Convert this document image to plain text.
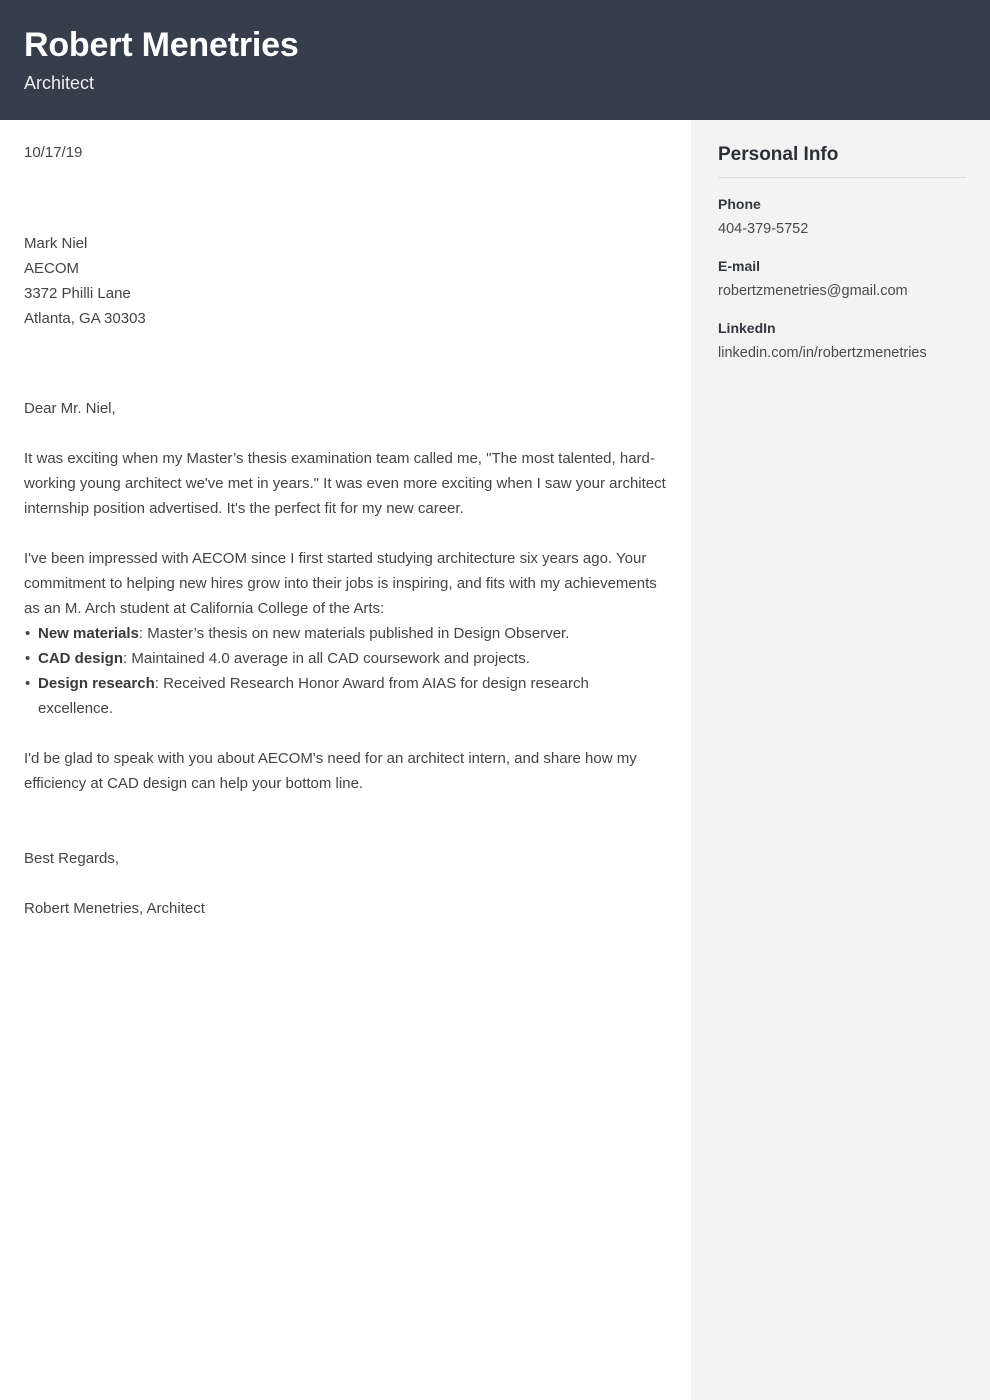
Robert Menetries
Architect
10/17/19
Mark Niel
AECOM
3372 Philli Lane
Atlanta, GA 30303
Dear Mr. Niel,

It was exciting when my Master’s thesis examination team called me, "The most talented, hard-working young architect we've met in years." It was even more exciting when I saw your architect internship position advertised. It's the perfect fit for my new career.

I've been impressed with AECOM since I first started studying architecture six years ago. Your commitment to helping new hires grow into their jobs is inspiring, and fits with my achievements as an M. Arch student at California College of the Arts:

• New materials: Master’s thesis on new materials published in Design Observer.
• CAD design: Maintained 4.0 average in all CAD coursework and projects.
• Design research: Received Research Honor Award from AIAS for design research excellence.

I'd be glad to speak with you about AECOM's need for an architect intern, and share how my efficiency at CAD design can help your bottom line.

Best Regards,
Robert Menetries, Architect
Personal Info
Phone
404-379-5752
E-mail
robertzmenetries@gmail.com
LinkedIn
linkedin.com/in/robertzmenetries
